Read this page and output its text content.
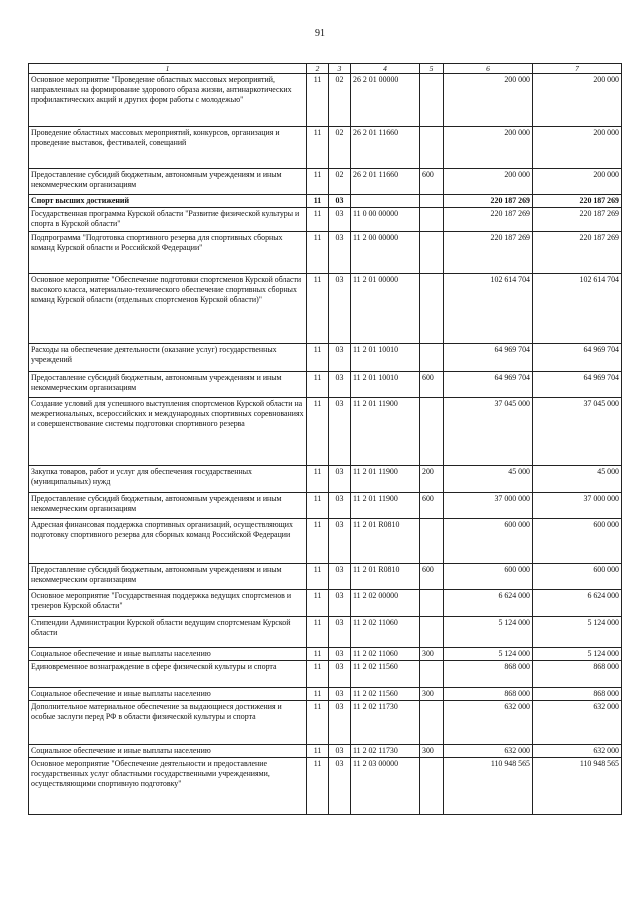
91
1	2	3	4	5	6	7
Основное мероприятие "Проведение областных массовых мероприятий, направленных на формирование здорового образа жизни, антинаркотических профилактических акций и других форм работы с молодежью"	11	02	26 2 01 00000		200 000	200 000
Проведение областных массовых мероприятий, конкурсов, организация и проведение выставок, фестивалей, совещаний	11	02	26 2 01 11660		200 000	200 000
Предоставление субсидий бюджетным, автономным учреждениям и иным некоммерческим организациям	11	02	26 2 01 11660	600	200 000	200 000
Спорт высших достижений	11	03			220 187 269	220 187 269
Государственная программа Курской области "Развитие физической культуры и спорта в Курской области"	11	03	11 0 00 00000		220 187 269	220 187 269
Подпрограмма "Подготовка спортивного резерва для спортивных сборных команд Курской области и Российской Федерации"	11	03	11 2 00 00000		220 187 269	220 187 269
Основное мероприятие "Обеспечение подготовки спортсменов Курской области высокого класса, материально-технического обеспечение спортивных сборных команд Курской области (отдельных спортсменов Курской области)"	11	03	11 2 01 00000		102 614 704	102 614 704
Расходы на обеспечение деятельности (оказание услуг) государственных учреждений	11	03	11 2 01 10010		64 969 704	64 969 704
Предоставление субсидий бюджетным, автономным учреждениям и иным некоммерческим организациям	11	03	11 2 01 10010	600	64 969 704	64 969 704
Создание условий для успешного выступления спортсменов Курской области на межрегиональных, всероссийских и международных спортивных соревнованиях и совершенствование системы подготовки спортивного резерва	11	03	11 2 01 11900		37 045 000	37 045 000
Закупка товаров, работ и услуг для обеспечения государственных (муниципальных) нужд	11	03	11 2 01 11900	200	45 000	45 000
Предоставление субсидий бюджетным, автономным учреждениям и иным некоммерческим организациям	11	03	11 2 01 11900	600	37 000 000	37 000 000
Адресная финансовая поддержка спортивных организаций, осуществляющих подготовку спортивного резерва для сборных команд Российской Федерации	11	03	11 2 01 R0810		600 000	600 000
Предоставление субсидий бюджетным, автономным учреждениям и иным некоммерческим организациям	11	03	11 2 01 R0810	600	600 000	600 000
Основное мероприятие "Государственная поддержка ведущих спортсменов и тренеров Курской области"	11	03	11 2 02 00000		6 624 000	6 624 000
Стипендии Администрации Курской области ведущим спортсменам Курской области	11	03	11 2 02 11060		5 124 000	5 124 000
Социальное обеспечение и иные выплаты населению	11	03	11 2 02 11060	300	5 124 000	5 124 000
Единовременное вознаграждение в сфере физической культуры и спорта	11	03	11 2 02 11560		868 000	868 000
Социальное обеспечение и иные выплаты населению	11	03	11 2 02 11560	300	868 000	868 000
Дополнительное материальное обеспечение за выдающиеся достижения и особые заслуги перед РФ в области физической культуры и спорта	11	03	11 2 02 11730		632 000	632 000
Социальное обеспечение и иные выплаты населению	11	03	11 2 02 11730	300	632 000	632 000
Основное мероприятие "Обеспечение деятельности и предоставление государственных услуг областными государственными учреждениями, осуществляющими спортивную подготовку"	11	03	11 2 03 00000		110 948 565	110 948 565
